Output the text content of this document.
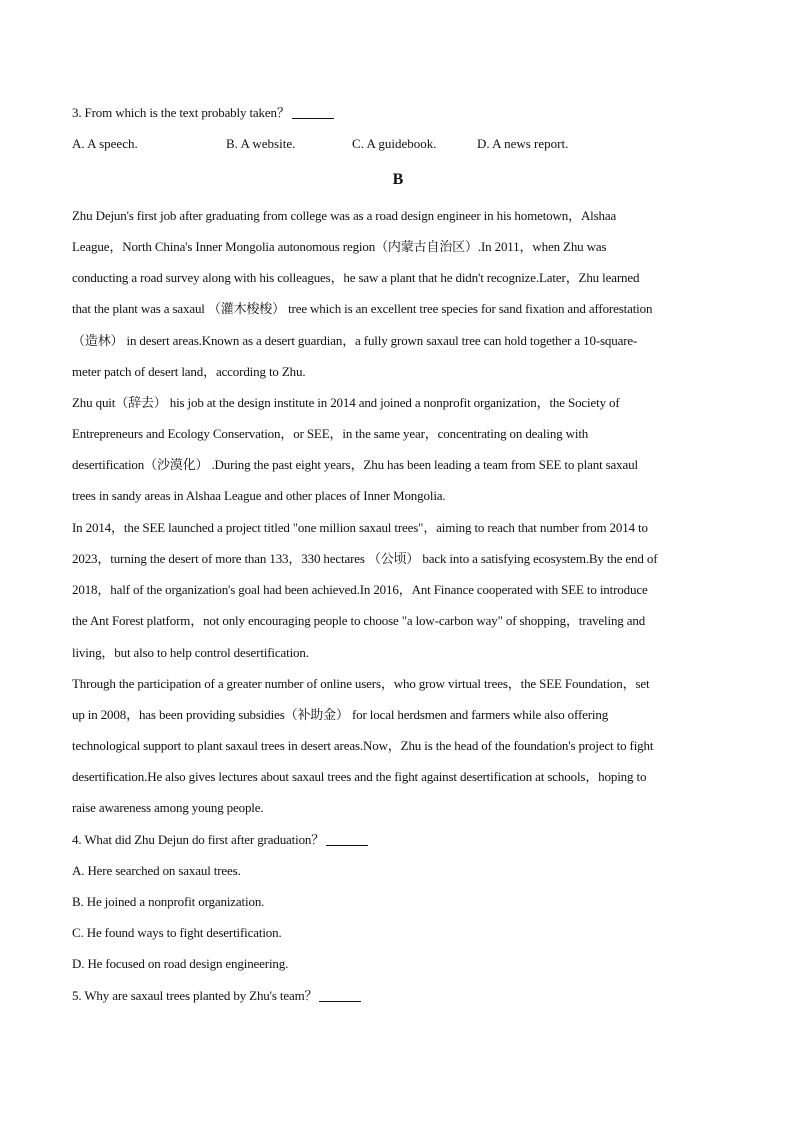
3. From which is the text probably taken？
A. A speech.	B. A website.	C. A guidebook.	D. A news report.
B
Zhu Dejun's first job after graduating from college was as a road design engineer in his hometown，Alshaa
League，North China's Inner Mongolia autonomous region（内蒙古自治区）.In 2011，when Zhu was
conducting a road survey along with his colleagues，he saw a plant that he didn't recognize.Later，Zhu learned
that the plant was a saxaul （灌木梭梭） tree which is an excellent tree species for sand fixation and afforestation
（造林） in desert areas.Known as a desert guardian，a fully grown saxaul tree can hold together a 10-square-
meter patch of desert land，according to Zhu.
Zhu quit（辞去） his job at the design institute in 2014 and joined a nonprofit organization，the Society of
Entrepreneurs and Ecology Conservation，or SEE，in the same year，concentrating on dealing with
desertification（沙漠化） .During the past eight years，Zhu has been leading a team from SEE to plant saxaul
trees in sandy areas in Alshaa League and other places of Inner Mongolia.
In 2014，the SEE launched a project titled "one million saxaul trees"，aiming to reach that number from 2014 to
2023，turning the desert of more than 133，330 hectares （公顷） back into a satisfying ecosystem.By the end of
2018，half of the organization's goal had been achieved.In 2016，Ant Finance cooperated with SEE to introduce
the Ant Forest platform，not only encouraging people to choose "a low-carbon way" of shopping，traveling and
living，but also to help control desertification.
Through the participation of a greater number of online users，who grow virtual trees，the SEE Foundation，set
up in 2008，has been providing subsidies（补助金） for local herdsmen and farmers while also offering
technological support to plant saxaul trees in desert areas.Now，Zhu is the head of the foundation's project to fight
desertification.He also gives lectures about saxaul trees and the fight against desertification at schools，hoping to
raise awareness among young people.
4. What did Zhu Dejun do first after graduation？
A. Here searched on saxaul trees.
B. He joined a nonprofit organization.
C. He found ways to fight desertification.
D. He focused on road design engineering.
5. Why are saxaul trees planted by Zhu's team？
